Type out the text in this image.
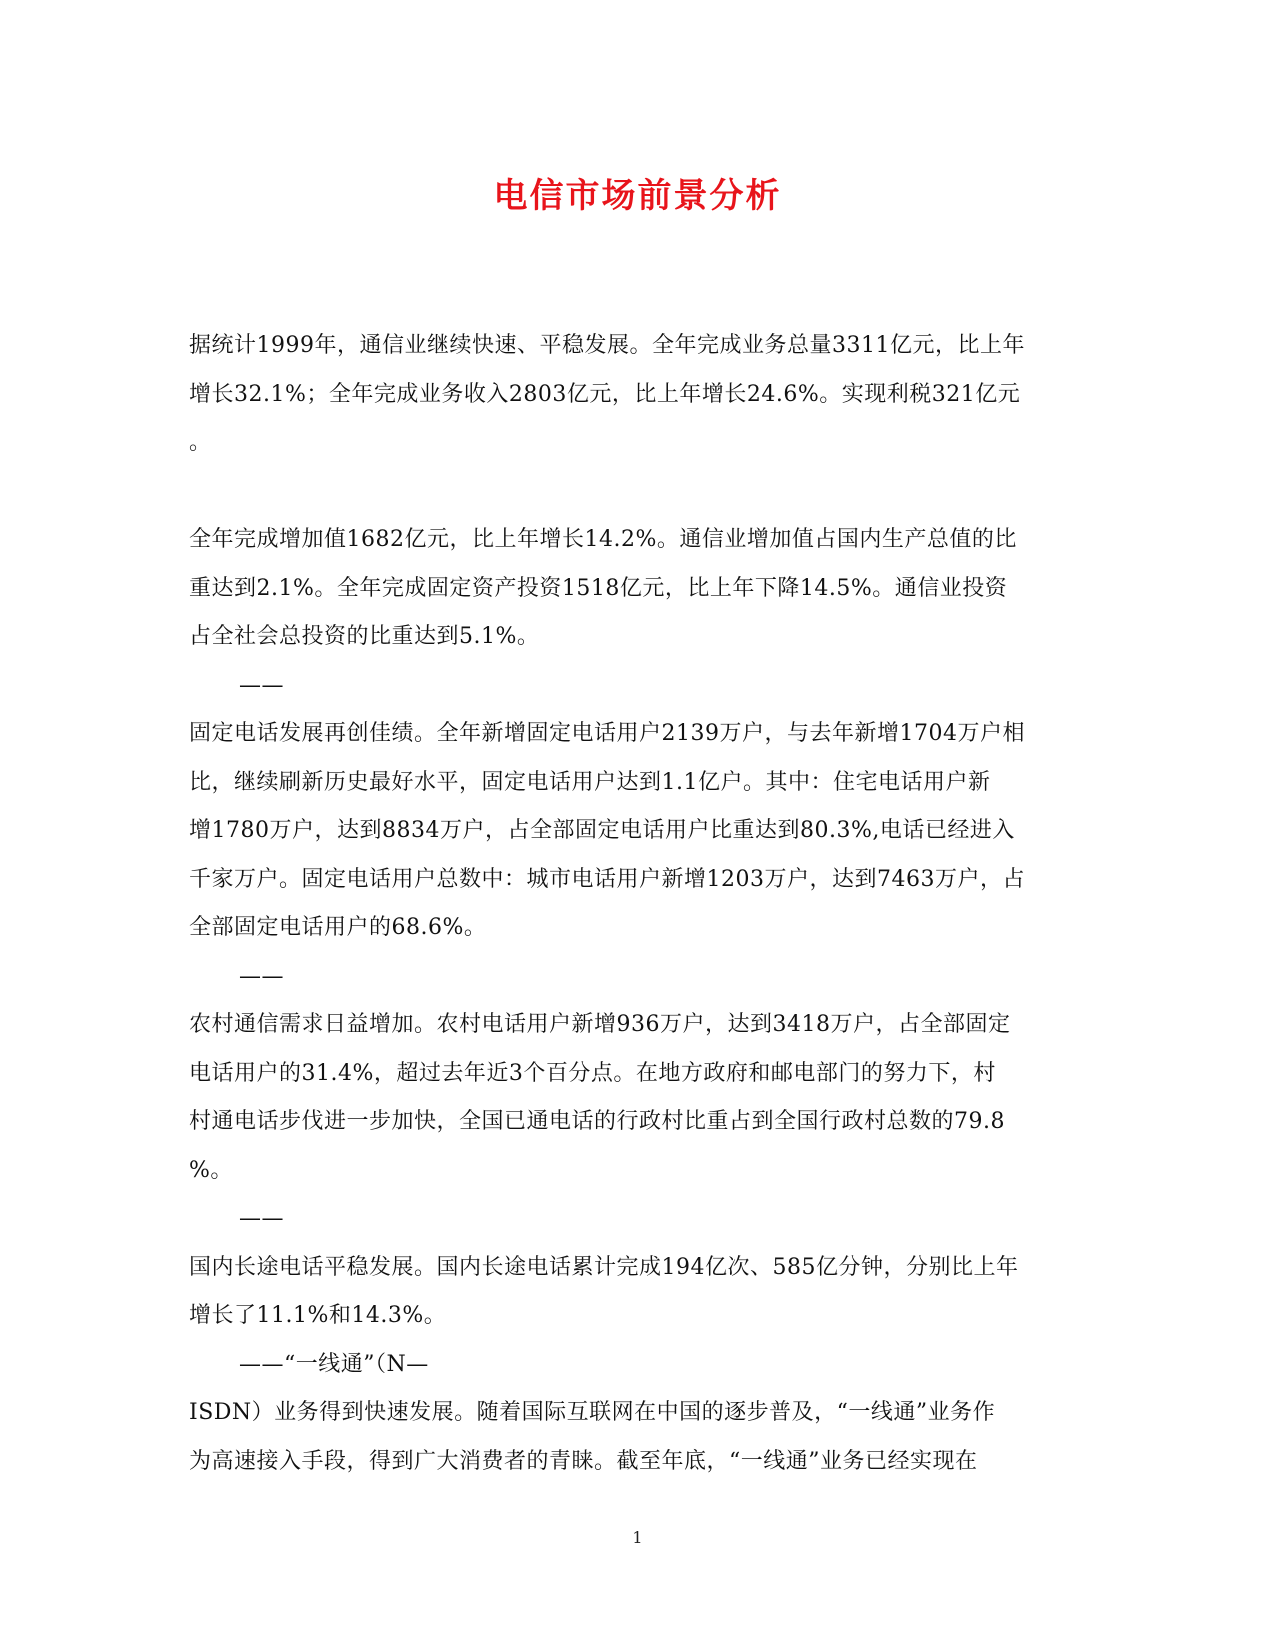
电信市场前景分析
据统计1999年，通信业继续快速、平稳发展。全年完成业务总量3311亿元，比上年
增长32.1%；全年完成业务收入2803亿元，比上年增长24.6%。实现利税321亿元
。
全年完成增加值1682亿元，比上年增长14.2%。通信业增加值占国内生产总值的比
重达到2.1%。全年完成固定资产投资1518亿元，比上年下降14.5%。通信业投资
占全社会总投资的比重达到5.1%。
——
固定电话发展再创佳绩。全年新增固定电话用户2139万户，与去年新增1704万户相
比，继续刷新历史最好水平，固定电话用户达到1.1亿户。其中：住宅电话用户新
增1780万户，达到8834万户，占全部固定电话用户比重达到80.3%,电话已经进入
千家万户。固定电话用户总数中：城市电话用户新增1203万户，达到7463万户，占
全部固定电话用户的68.6%。
——
农村通信需求日益增加。农村电话用户新增936万户，达到3418万户，占全部固定
电话用户的31.4%，超过去年近3个百分点。在地方政府和邮电部门的努力下，村
村通电话步伐进一步加快，全国已通电话的行政村比重占到全国行政村总数的79.8
%。
——
国内长途电话平稳发展。国内长途电话累计完成194亿次、585亿分钟，分别比上年
增长了11.1%和14.3%。
——“一线通”（N—
ISDN）业务得到快速发展。随着国际互联网在中国的逐步普及，“一线通”业务作
为高速接入手段，得到广大消费者的青睐。截至年底，“一线通”业务已经实现在
1
